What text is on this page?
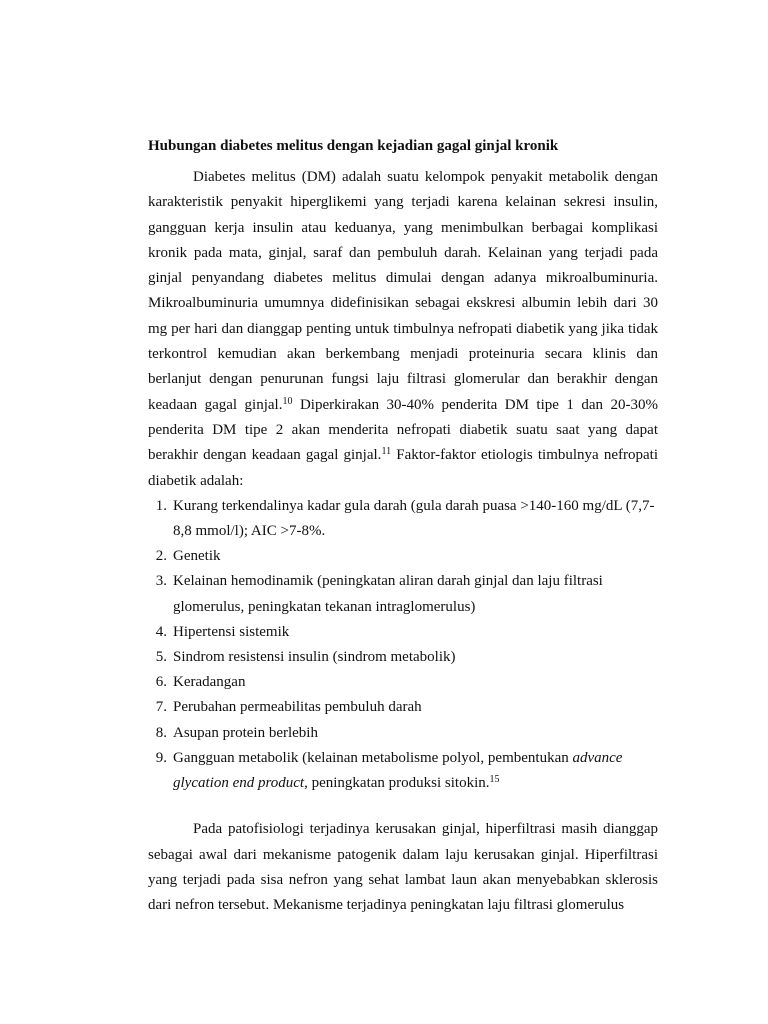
Hubungan diabetes melitus dengan kejadian gagal ginjal kronik

Diabetes melitus (DM) adalah suatu kelompok penyakit metabolik dengan karakteristik penyakit hiperglikemi yang terjadi karena kelainan sekresi insulin, gangguan kerja insulin atau keduanya, yang menimbulkan berbagai komplikasi kronik pada mata, ginjal, saraf dan pembuluh darah. Kelainan yang terjadi pada ginjal penyandang diabetes melitus dimulai dengan adanya mikroalbuminuria. Mikroalbuminuria umumnya didefinisikan sebagai ekskresi albumin lebih dari 30 mg per hari dan dianggap penting untuk timbulnya nefropati diabetik yang jika tidak terkontrol kemudian akan berkembang menjadi proteinuria secara klinis dan berlanjut dengan penurunan fungsi laju filtrasi glomerular dan berakhir dengan keadaan gagal ginjal.$^{10}$ Diperkirakan 30-40% penderita DM tipe 1 dan 20-30% penderita DM tipe 2 akan menderita nefropati diabetik suatu saat yang dapat berakhir dengan keadaan gagal ginjal.$^{11}$ Faktor-faktor etiologis timbulnya nefropati diabetik adalah:

1. Kurang terkendalinya kadar gula darah (gula darah puasa >140-160 mg/dL (7,7-8,8 mmol/l); AIC >7-8%.
2. Genetik
3. Kelainan hemodinamik (peningkatan aliran darah ginjal dan laju filtrasi glomerulus, peningkatan tekanan intraglomerulus)
4. Hipertensi sistemik
5. Sindrom resistensi insulin (sindrom metabolik)
6. Keradangan
7. Perubahan permeabilitas pembuluh darah
8. Asupan protein berlebih
9. Gangguan metabolik (kelainan metabolisme polyol, pembentukan advance glycation end product, peningkatan produksi sitokin.$^{15}$

Pada patofisiologi terjadinya kerusakan ginjal, hiperfiltrasi masih dianggap sebagai awal dari mekanisme patogenik dalam laju kerusakan ginjal. Hiperfiltrasi yang terjadi pada sisa nefron yang sehat lambat laun akan menyebabkan sklerosis dari nefron tersebut. Mekanisme terjadinya peningkatan laju filtrasi glomerulus
